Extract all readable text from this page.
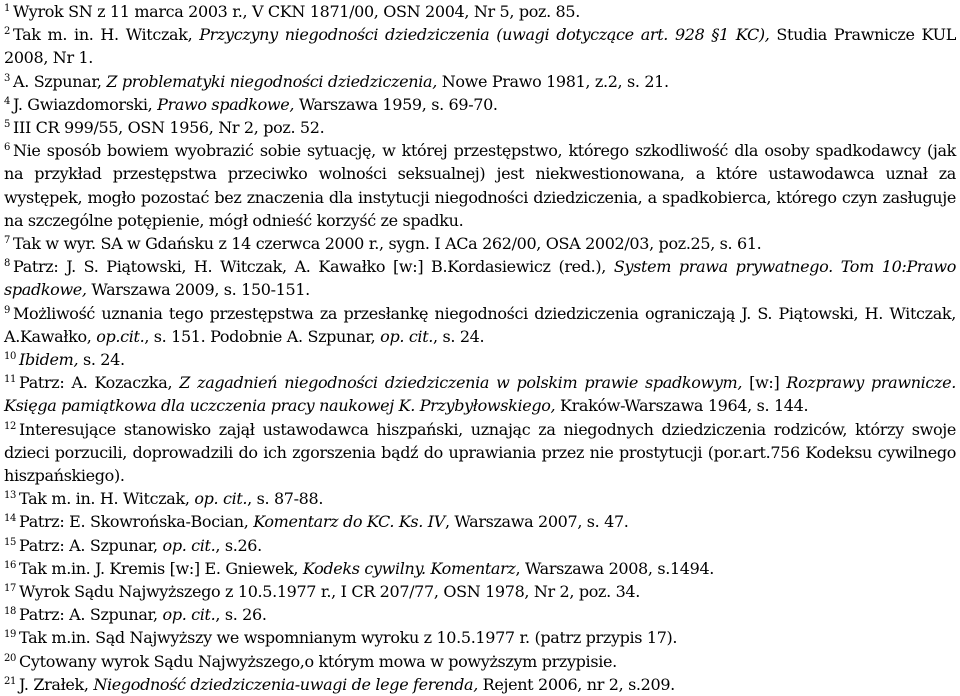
$^1$ Wyrok SN z 11 marca 2003 r., V CKN 1871/00, OSN 2004, Nr 5, poz. 85.

$^2$ Tak m. in. H. Witczak, Przyczyny niegodności dziedziczenia (uwagi dotyczące art. 928 §1 KC), Studia Prawnicze KUL 2008, Nr 1.

$^3$ A. Szpunar, Z problematyki niegodności dziedziczenia, Nowe Prawo 1981, z.2, s. 21.

$^4$ J. Gwiazdomorski, Prawo spadkowe, Warszawa 1959, s. 69-70.

$^5$ III CR 999/55, OSN 1956, Nr 2, poz. 52.

$^6$ Nie sposób bowiem wyobrazić sobie sytuację, w której przestępstwo, którego szkodliwość dla osoby spadkodawcy (jak na przykład przestępstwa przeciwko wolności seksualnej) jest niekwestionowana, a które ustawodawca uznał za występek, mogło pozostać bez znaczenia dla instytucji niegodności dziedziczenia, a spadkobierca, którego czyn zasługuje na szczególne potępienie, mógł odnieść korzyść ze spadku.

$^7$ Tak w wyr. SA w Gdańsku z 14 czerwca 2000 r., sygn. I ACa 262/00, OSA 2002/03, poz.25, s. 61.

$^8$ Patrz: J. S. Piątowski, H. Witczak, A. Kawałko [w:] B.Kordasiewicz (red.), System prawa prywatnego. Tom 10:Prawo spadkowe, Warszawa 2009, s. 150-151.

$^9$ Możliwość uznania tego przestępstwa za przesłankę niegodności dziedziczenia ograniczają J. S. Piątowski, H. Witczak, A.Kawałko, op.cit., s. 151. Podobnie A. Szpunar, op. cit., s. 24.

$^{10}$ Ibidem, s. 24.

$^{11}$ Patrz: A. Kozaczka, Z zagadnień niegodności dziedziczenia w polskim prawie spadkowym, [w:] Rozprawy prawnicze. Księga pamiątkowa dla uczczenia pracy naukowej K. Przybyłowskiego, Kraków-Warszawa 1964, s. 144.

$^{12}$ Interesujące stanowisko zajął ustawodawca hiszpański, uznając za niegodnych dziedziczenia rodziców, którzy swoje dzieci porzucili, doprowadzili do ich zgorszenia bądź do uprawiania przez nie prostytucji (por.art.756 Kodeksu cywilnego hiszpańskiego).

$^{13}$ Tak m. in. H. Witczak, op. cit., s. 87-88.

$^{14}$ Patrz: E. Skowrońska-Bocian, Komentarz do KC. Ks. IV, Warszawa 2007, s. 47.

$^{15}$ Patrz: A. Szpunar, op. cit., s.26.

$^{16}$ Tak m.in. J. Kremis [w:] E. Gniewek, Kodeks cywilny. Komentarz, Warszawa 2008, s.1494.

$^{17}$ Wyrok Sądu Najwyższego z 10.5.1977 r., I CR 207/77, OSN 1978, Nr 2, poz. 34.

$^{18}$ Patrz: A. Szpunar, op. cit., s. 26.

$^{19}$ Tak m.in. Sąd Najwyższy we wspomnianym wyroku z 10.5.1977 r. (patrz przypis 17).

$^{20}$ Cytowany wyrok Sądu Najwyższego,o którym mowa w powyższym przypisie.

$^{21}$ J. Zrałek, Niegodność dziedziczenia-uwagi de lege ferenda, Rejent 2006, nr 2, s.209.
